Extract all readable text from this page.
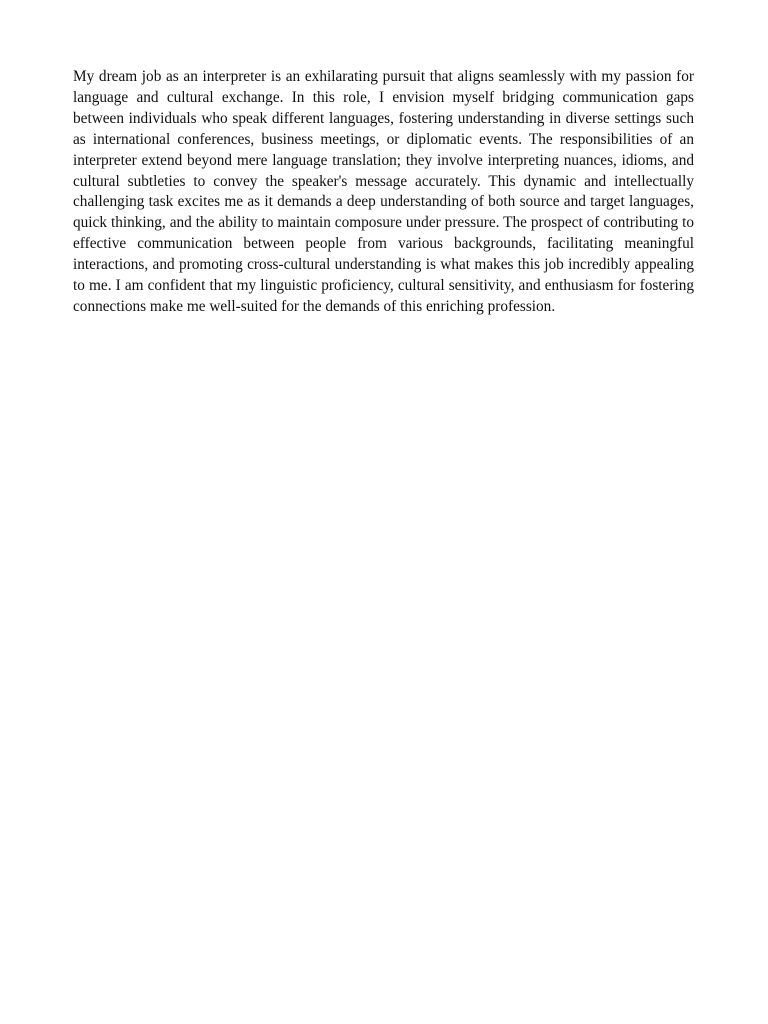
My dream job as an interpreter is an exhilarating pursuit that aligns seamlessly with my passion for language and cultural exchange. In this role, I envision myself bridging communication gaps between individuals who speak different languages, fostering understanding in diverse settings such as international conferences, business meetings, or diplomatic events. The responsibilities of an interpreter extend beyond mere language translation; they involve interpreting nuances, idioms, and cultural subtleties to convey the speaker's message accurately. This dynamic and intellectually challenging task excites me as it demands a deep understanding of both source and target languages, quick thinking, and the ability to maintain composure under pressure. The prospect of contributing to effective communication between people from various backgrounds, facilitating meaningful interactions, and promoting cross-cultural understanding is what makes this job incredibly appealing to me. I am confident that my linguistic proficiency, cultural sensitivity, and enthusiasm for fostering connections make me well-suited for the demands of this enriching profession.
